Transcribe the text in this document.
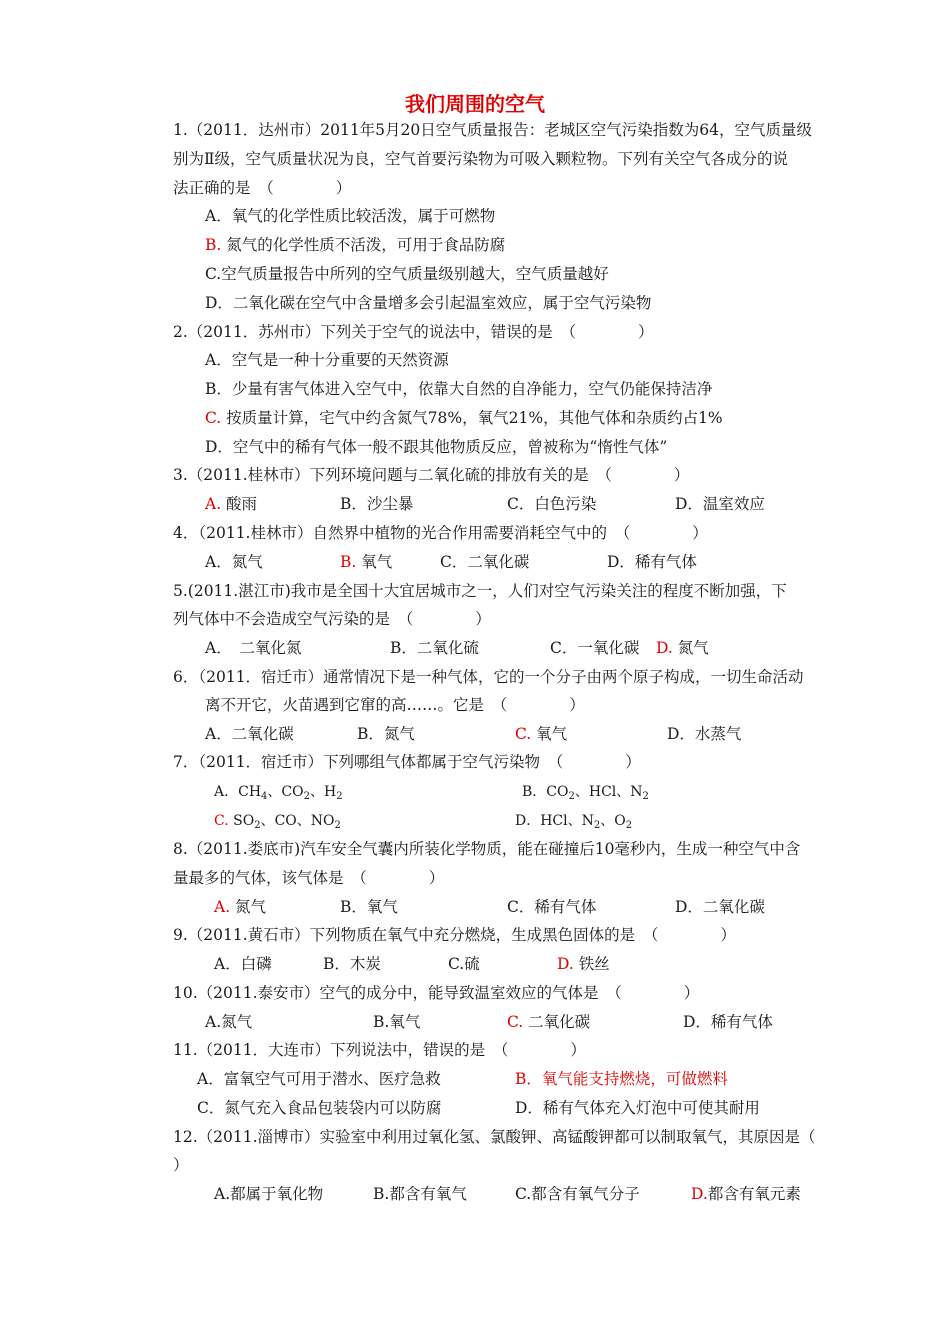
我们周围的空气
1.（2011．达州市）2011年5月20日空气质量报告：老城区空气污染指数为64，空气质量级
别为Ⅱ级，空气质量状况为良，空气首要污染物为可吸入颗粒物。下列有关空气各成分的说
法正确的是　（　　　　）
A．氧气的化学性质比较活泼，属于可燃物
B. 氮气的化学性质不活泼，可用于食品防腐
C.空气质量报告中所列的空气质量级别越大，空气质量越好
D．二氧化碳在空气中含量增多会引起温室效应，属于空气污染物
2.（2011．苏州市）下列关于空气的说法中，错误的是　（　　　　）
A．空气是一种十分重要的天然资源
B．少量有害气体进入空气中，依靠大自然的自净能力，空气仍能保持洁净
C. 按质量计算，宅气中约含氮气78%，氧气21%，其他气体和杂质约占1%
D．空气中的稀有气体一般不跟其他物质反应，曾被称为“惰性气体”
3.（2011.桂林市）下列环境问题与二氧化硫的排放有关的是　（　　　　）
A. 酸雨	B．沙尘暴	C．白色污染	D．温室效应
4．（2011.桂林市）自然界中植物的光合作用需要消耗空气中的　（　　　　）
A．氮气	B. 氧气	C．二氧化碳	D．稀有气体
5.(2011.湛江市)我市是全国十大宜居城市之一，人们对空气污染关注的程度不断加强，下
列气体中不会造成空气污染的是　（　　　　）
A．　二氧化氮	B．二氧化硫	C．一氧化碳 D. 氮气
6．（2011．宿迁市）通常情况下是一种气体，它的一个分子由两个原子构成，一切生命活动
离不开它，火苗遇到它窜的高……。它是　（　　　　）
A．二氧化碳	B．氮气	C. 氧气	D．水蒸气
7．（2011．宿迁市）下列哪组气体都属于空气污染物　（　　　　）
A．$CH_4$、$CO_2$、$H_2$	B．$CO_2$、HCl、$N_2$
C. $SO_2$、CO、$NO_2$	D．HCl、$N_2$、$O_2$
8.（2011.娄底市)汽车安全气囊内所装化学物质，能在碰撞后10毫秒内，生成一种空气中含
量最多的气体，该气体是　（　　　　）
A. 氮气	B．氧气	C．稀有气体	D．二氧化碳
9.（2011.黄石市）下列物质在氧气中充分燃烧，生成黑色固体的是　（　　　　）
A．白磷	B．木炭	C.硫	D. 铁丝
10.（2011.泰安市）空气的成分中，能导致温室效应的气体是　（　　　　）
A.氮气	B.氧气	C. 二氧化碳	D．稀有气体
11.（2011．大连市）下列说法中，错误的是　（　　　　）
A．富氧空气可用于潜水、医疗急救	B．氧气能支持燃烧，可做燃料
C．氮气充入食品包装袋内可以防腐	D．稀有气体充入灯泡中可使其耐用
12.（2011.淄博市）实验室中利用过氧化氢、氯酸钾、高锰酸钾都可以制取氧气，其原因是（
）
A.都属于氧化物	B.都含有氧气	C.都含有氧气分子	D.都含有氧元素
